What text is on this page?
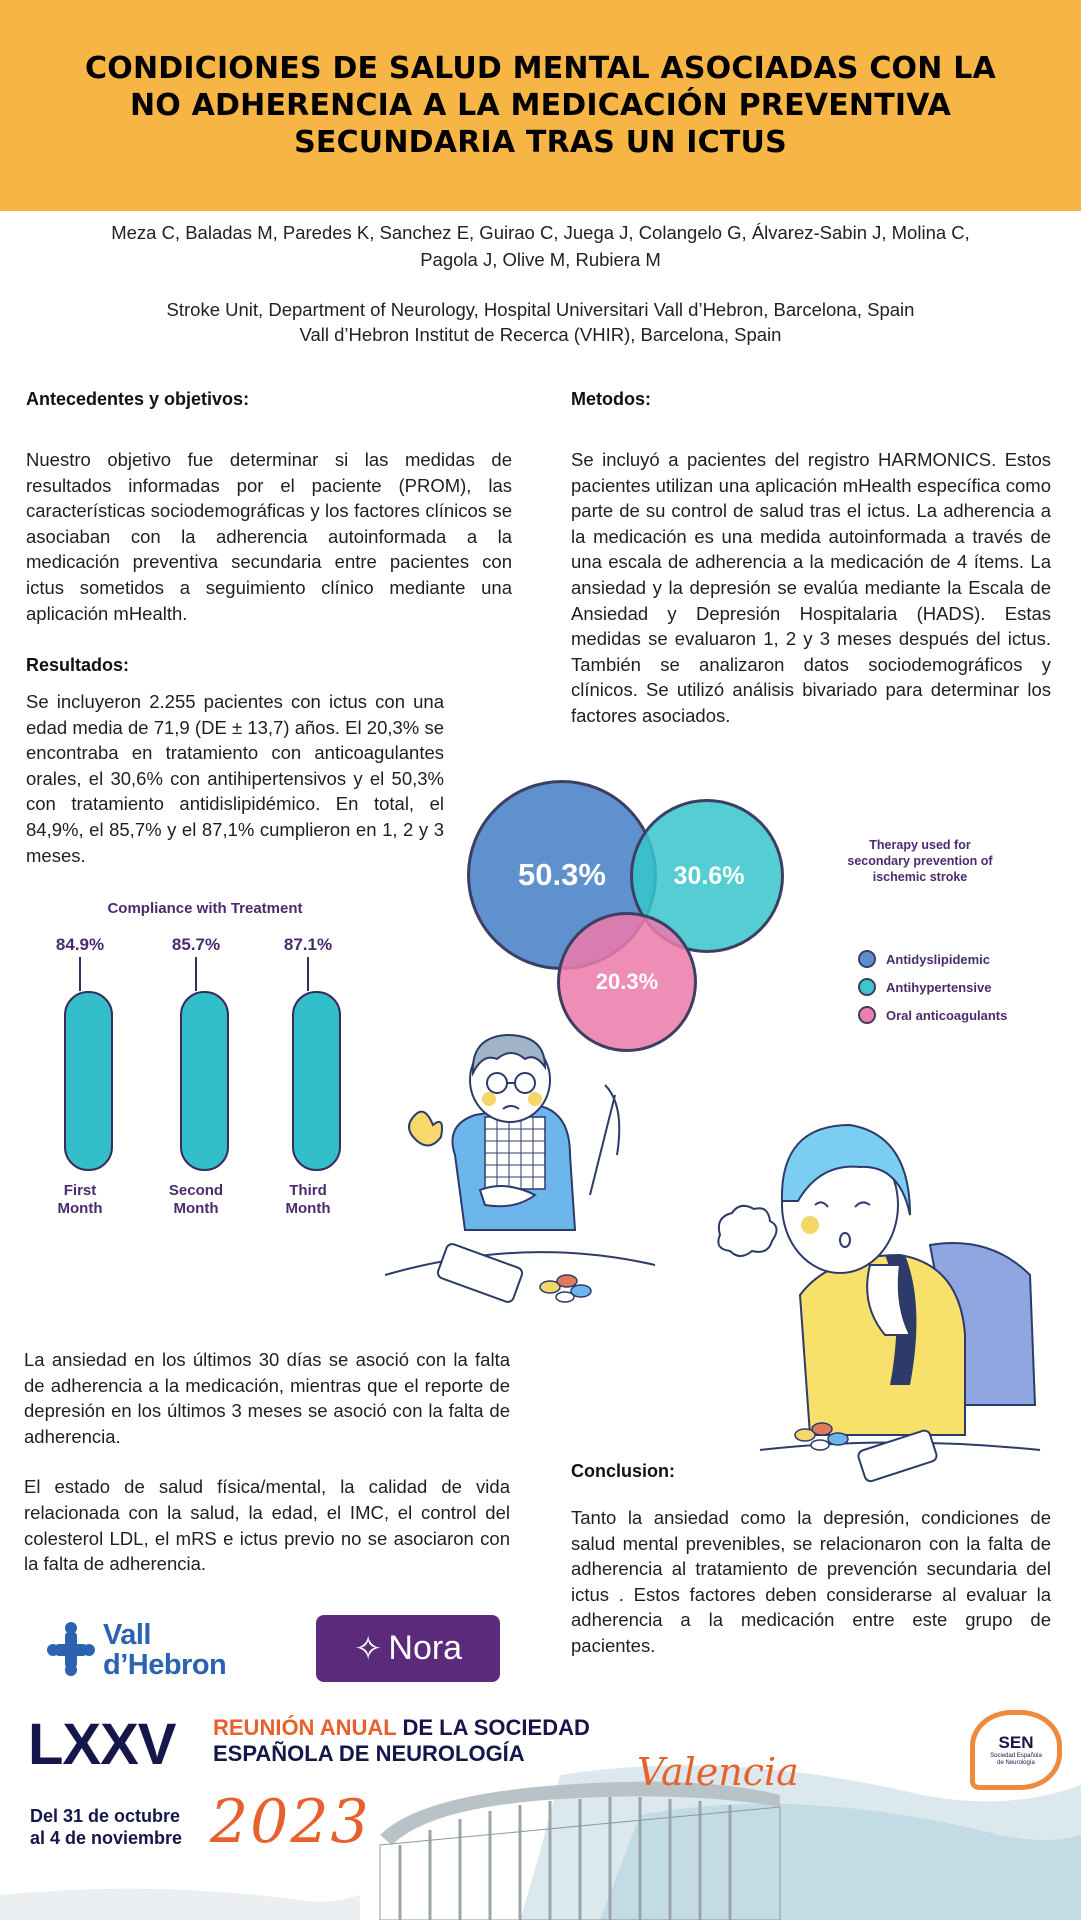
CONDICIONES DE SALUD MENTAL ASOCIADAS CON LA NO ADHERENCIA A LA MEDICACIÓN PREVENTIVA SECUNDARIA TRAS UN ICTUS
Meza C, Baladas M, Paredes K, Sanchez E, Guirao C, Juega J, Colangelo G, Álvarez-Sabin J, Molina C, Pagola J, Olive M, Rubiera M
Stroke Unit, Department of Neurology, Hospital Universitari Vall d’Hebron, Barcelona, Spain
Vall d’Hebron Institut de Recerca (VHIR), Barcelona, Spain
Antecedentes y objetivos:
Nuestro objetivo fue determinar si las medidas de resultados informadas por el paciente (PROM), las características sociodemográficas y los factores clínicos se asociaban con la adherencia autoinformada a la medicación preventiva secundaria entre pacientes con ictus sometidos a seguimiento clínico mediante una aplicación mHealth.
Resultados:
Se incluyeron 2.255 pacientes con ictus con una edad media de 71,9 (DE ± 13,7) años. El 20,3% se encontraba en tratamiento con anticoagulantes orales, el 30,6% con antihipertensivos y el 50,3% con tratamiento antidislipidémico. En total, el 84,9%, el 85,7% y el 87,1% cumplieron en 1, 2 y 3 meses.
Metodos:
Se incluyó a pacientes del registro HARMONICS. Estos pacientes utilizan una aplicación mHealth específica como parte de su control de salud tras el ictus. La adherencia a la medicación es una medida autoinformada a través de una escala de adherencia a la medicación de 4 ítems. La ansiedad y la depresión se evalúa mediante la Escala de Ansiedad y Depresión Hospitalaria (HADS). Estas medidas se evaluaron 1, 2 y 3 meses después del ictus. También se analizaron datos sociodemográficos y clínicos. Se utilizó análisis bivariado para determinar los factores asociados.
Compliance with Treatment
84.9%
First
Month
85.7%
Second
Month
87.1%
Third
Month
50.3%	30.6%
20.3%
Therapy used for
secondary prevention of
ischemic stroke
Antidyslipidemic
Antihypertensive
Oral anticoagulants

La ansiedad en los últimos 30 días se asoció con la falta de adherencia a la medicación, mientras que el reporte de depresión en los últimos 3 meses se asoció con la falta de adherencia.

El estado de salud física/mental, la calidad de vida relacionada con la salud, la edad, el IMC, el control del colesterol LDL, el mRS e ictus previo no se asociaron con la falta de adherencia.

Conclusion:
Tanto la ansiedad como la depresión, condiciones de salud mental prevenibles, se relacionaron con la falta de adherencia al tratamiento de prevención secundaria del ictus . Estos factores deben considerarse al evaluar la adherencia a la medicación entre este grupo de pacientes.
Vall
d’Hebron	✧ Nora
LXXV REUNIÓN ANUAL DE LA SOCIEDAD
ESPAÑOLA DE NEUROLOGÍA	Valencia
Del 31 de octubre
al 4 de noviembre 2023
SEN
Sociedad Española
de Neurología
